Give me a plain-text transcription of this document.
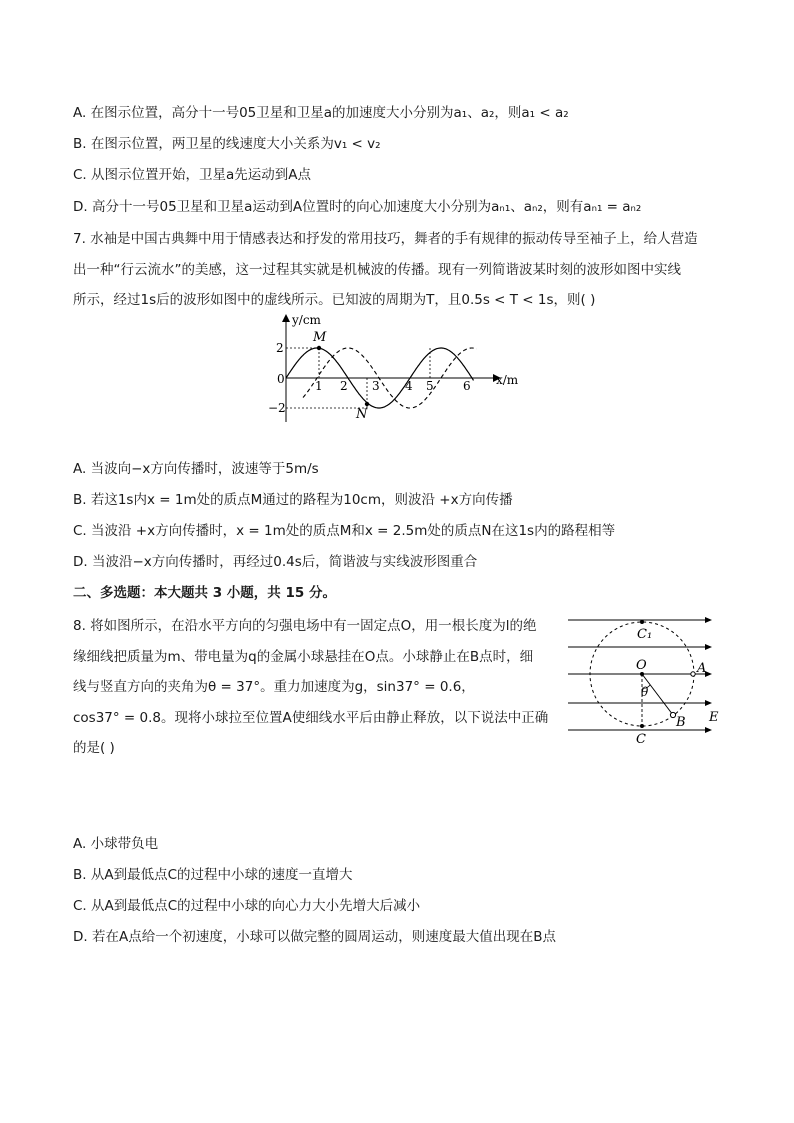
A. 在图示位置，高分十一号05卫星和卫星a的加速度大小分别为a₁、a₂，则a₁ < a₂
B. 在图示位置，两卫星的线速度大小关系为v₁ < v₂
C. 从图示位置开始，卫星a先运动到A点
D. 高分十一号05卫星和卫星a运动到A位置时的向心加速度大小分别为aₙ₁、aₙ₂，则有aₙ₁ = aₙ₂
7. 水袖是中国古典舞中用于情感表达和抒发的常用技巧，舞者的手有规律的振动传导至袖子上，给人营造
出一种“行云流水”的美感，这一过程其实就是机械波的传播。现有一列简谐波某时刻的波形如图中实线
所示，经过1s后的波形如图中的虚线所示。已知波的周期为T，且0.5s < T < 1s，则( )
y/cm
x/m
0
2
−2
1 2 3 4 5 6
M
N
A. 当波向−x方向传播时，波速等于5m/s
B. 若这1s内x = 1m处的质点M通过的路程为10cm，则波沿 +x方向传播
C. 当波沿 +x方向传播时，x = 1m处的质点M和x = 2.5m处的质点N在这1s内的路程相等
D. 当波沿−x方向传播时，再经过0.4s后，简谐波与实线波形图重合
二、多选题：本大题共 3 小题，共 15 分。
8. 将如图所示，在沿水平方向的匀强电场中有一固定点O，用一根长度为l的绝
缘细线把质量为m、带电量为q的金属小球悬挂在O点。小球静止在B点时，细
线与竖直方向的夹角为θ = 37°。重力加速度为g，sin37° = 0.6，
cos37° = 0.8。现将小球拉至位置A使细线水平后由静止释放，以下说法中正确
的是( )
C₁
O
θ
A
B
C
E
A. 小球带负电
B. 从A到最低点C的过程中小球的速度一直增大
C. 从A到最低点C的过程中小球的向心力大小先增大后减小
D. 若在A点给一个初速度，小球可以做完整的圆周运动，则速度最大值出现在B点
